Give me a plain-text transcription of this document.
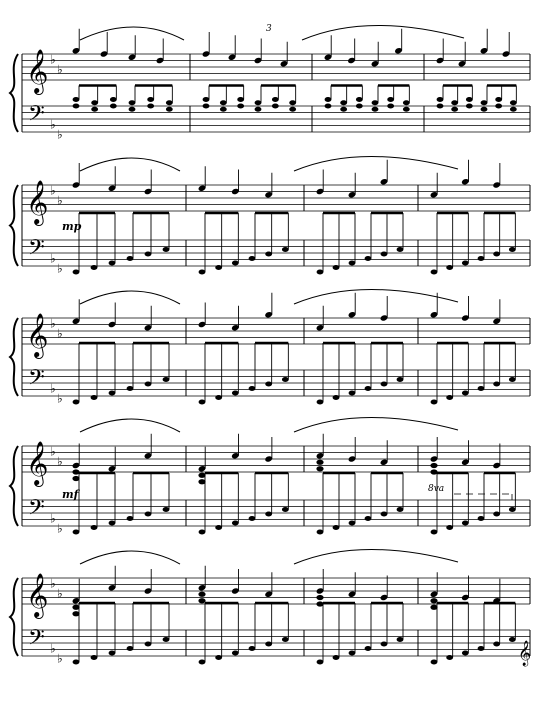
𝄞
𝄢
♭
♭
♭
♭
𝄞
𝄢
♭
♭
♭
♭
𝄞
𝄢
♭
♭
♭
♭
𝄞
𝄢
♭
♭
♭
♭
𝄞
𝄢
♭
♭
♭
♭	𝄞
mp
mf
3
8va
